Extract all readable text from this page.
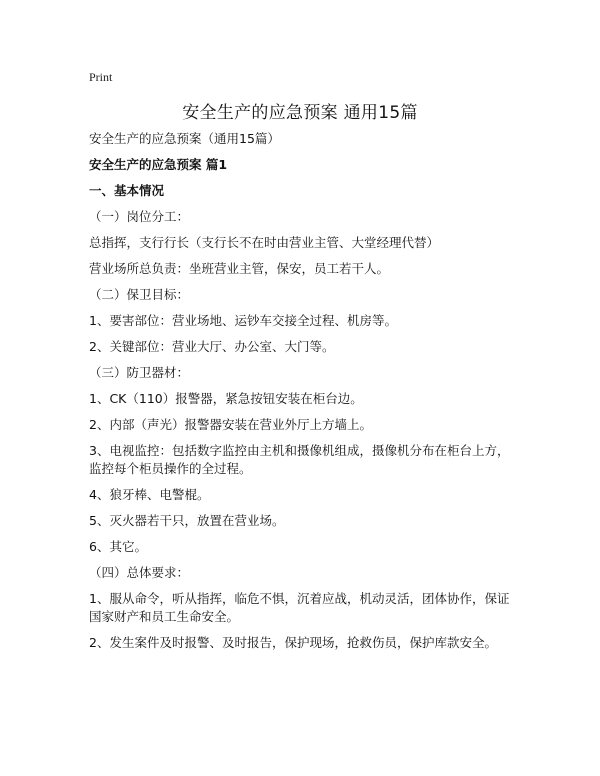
Print
安全生产的应急预案 通用15篇
安全生产的应急预案（通用15篇）
安全生产的应急预案 篇1
一、基本情况
（一）岗位分工：
总指挥，支行行长（支行长不在时由营业主管、大堂经理代替）
营业场所总负责：坐班营业主管，保安，员工若干人。
（二）保卫目标：
1、要害部位：营业场地、运钞车交接全过程、机房等。
2、关键部位：营业大厅、办公室、大门等。
（三）防卫器材：
1、CK（110）报警器，紧急按钮安装在柜台边。
2、内部（声光）报警器安装在营业外厅上方墙上。
3、电视监控：包括数字监控由主机和摄像机组成，摄像机分布在柜台上方，监控每个柜员操作的全过程。
4、狼牙棒、电警棍。
5、灭火器若干只，放置在营业场。
6、其它。
（四）总体要求：
1、服从命令，听从指挥，临危不惧，沉着应战，机动灵活，团体协作，保证国家财产和员工生命安全。
2、发生案件及时报警、及时报告，保护现场，抢救伤员，保护库款安全。
